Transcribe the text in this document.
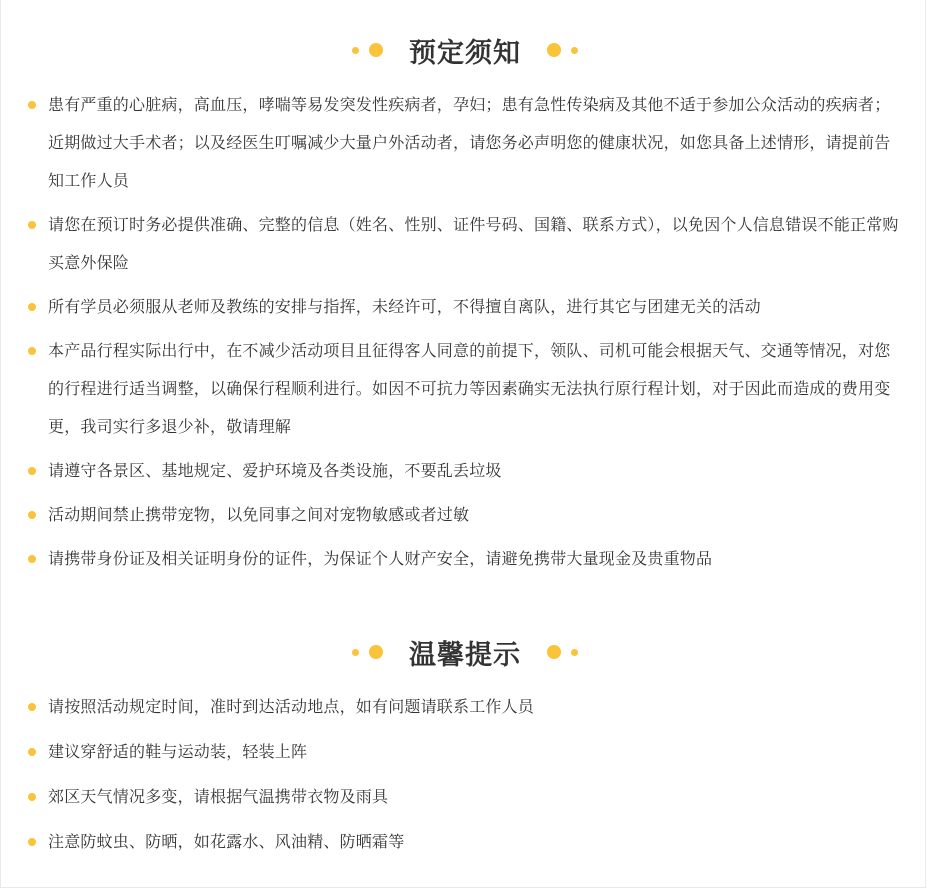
预定须知
患有严重的心脏病，高血压，哮喘等易发突发性疾病者，孕妇；患有急性传染病及其他不适于参加公众活动的疾病者；近期做过大手术者；以及经医生叮嘱减少大量户外活动者，请您务必声明您的健康状况，如您具备上述情形，请提前告知工作人员
请您在预订时务必提供准确、完整的信息（姓名、性别、证件号码、国籍、联系方式），以免因个人信息错误不能正常购买意外保险
所有学员必须服从老师及教练的安排与指挥，未经许可，不得擅自离队，进行其它与团建无关的活动
本产品行程实际出行中，在不减少活动项目且征得客人同意的前提下，领队、司机可能会根据天气、交通等情况，对您的行程进行适当调整，以确保行程顺利进行。如因不可抗力等因素确实无法执行原行程计划，对于因此而造成的费用变更，我司实行多退少补，敬请理解
请遵守各景区、基地规定、爱护环境及各类设施，不要乱丢垃圾
活动期间禁止携带宠物，以免同事之间对宠物敏感或者过敏
请携带身份证及相关证明身份的证件，为保证个人财产安全，请避免携带大量现金及贵重物品
温馨提示
请按照活动规定时间，准时到达活动地点，如有问题请联系工作人员
建议穿舒适的鞋与运动装，轻装上阵
郊区天气情况多变，请根据气温携带衣物及雨具
注意防蚊虫、防晒，如花露水、风油精、防晒霜等
